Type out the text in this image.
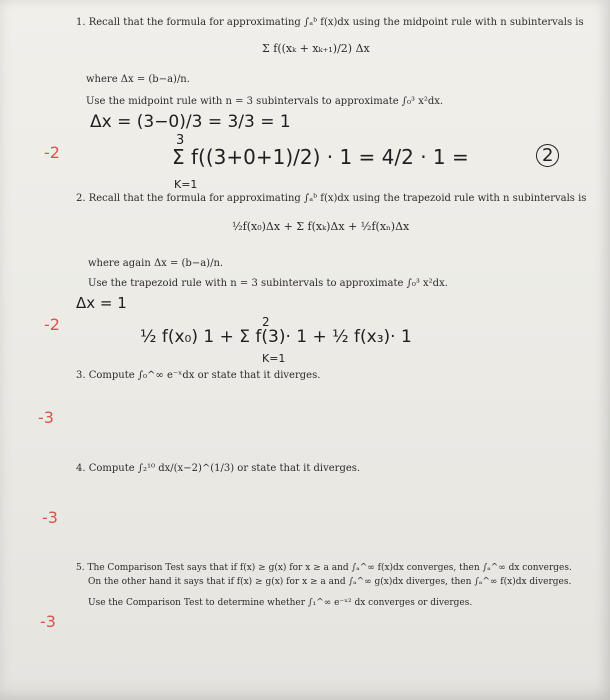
1. Recall that the formula for approximating ∫ₐᵇ f(x)dx using the midpoint rule with n subintervals is
Σ f((xₖ + xₖ₊₁)/2) Δx
where Δx = (b−a)/n.
Use the midpoint rule with n = 3 subintervals to approximate ∫₀³ x²dx.
Δx = (3−0)/3 = 3/3 = 1
3
Σ f((3+0+1)/2) · 1 = 4/2 · 1 =
K=1
2
-2
2. Recall that the formula for approximating ∫ₐᵇ f(x)dx using the trapezoid rule with n subintervals is
½f(x₀)Δx + Σ f(xₖ)Δx + ½f(xₙ)Δx
where again Δx = (b−a)/n.
Use the trapezoid rule with n = 3 subintervals to approximate ∫₀³ x²dx.
Δx = 1
2
½ f(x₀) 1 + Σ f(3)· 1 + ½ f(x₃)· 1
K=1
-2
3. Compute ∫₀^∞ e⁻ˣdx or state that it diverges.
-3
4. Compute ∫₂¹⁰ dx/(x−2)^(1/3) or state that it diverges.
-3
5. The Comparison Test says that if f(x) ≥ g(x) for x ≥ a and ∫ₐ^∞ f(x)dx converges, then ∫ₐ^∞ dx converges.
On the other hand it says that if f(x) ≥ g(x) for x ≥ a and ∫ₐ^∞ g(x)dx diverges, then ∫ₐ^∞ f(x)dx diverges.
Use the Comparison Test to determine whether ∫₁^∞ e⁻ˣ² dx converges or diverges.
-3
